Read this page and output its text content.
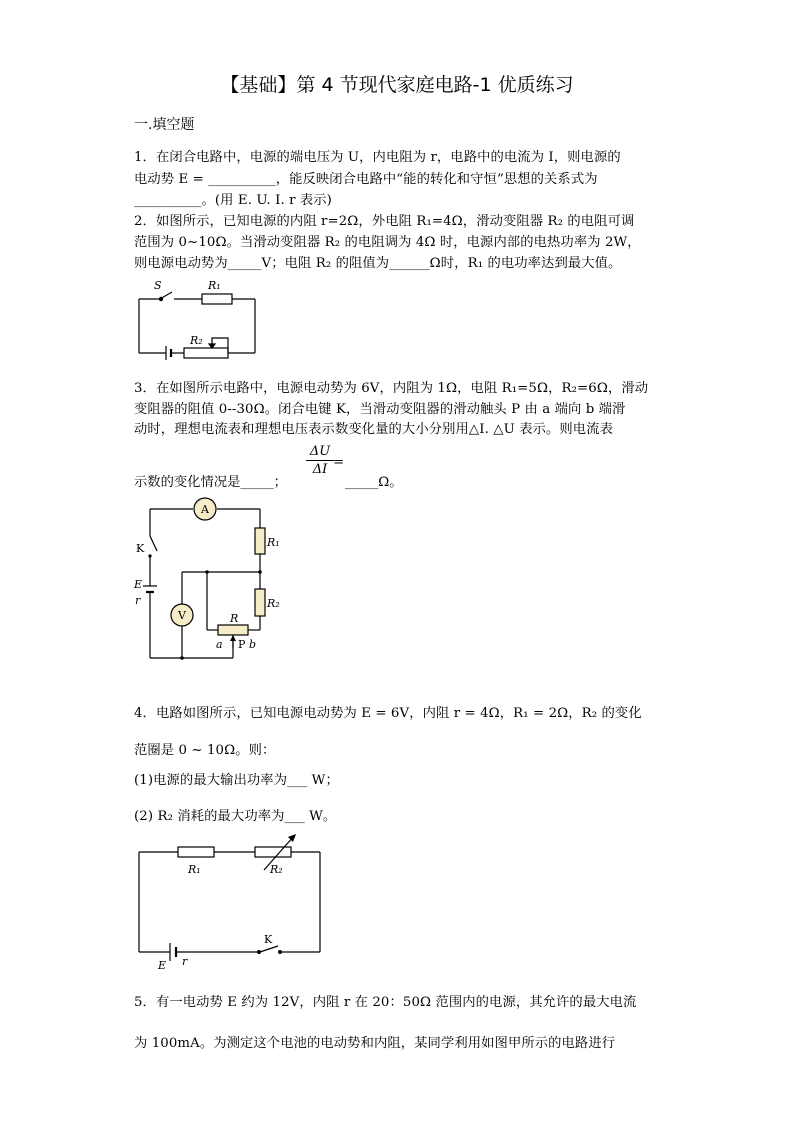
【基础】第 4 节现代家庭电路-1 优质练习
一.填空题
1．在闭合电路中，电源的端电压为 U，内电阻为 r，电路中的电流为 I，则电源的
电动势 E = __________，能反映闭合电路中“能的转化和守恒”思想的关系式为
__________。(用 E. U. I. r 表示)
2．如图所示，已知电源的内阻 r=2Ω，外电阻 R₁=4Ω，滑动变阻器 R₂ 的电阻可调
范围为 0~10Ω。当滑动变阻器 R₂ 的电阻调为 4Ω 时，电源内部的电热功率为 2W，
则电源电动势为_____V；电阻 R₂ 的阻值为______Ω时，R₁ 的电功率达到最大值。
S	R₁
R₂
3．在如图所示电路中，电源电动势为 6V，内阻为 1Ω，电阻 R₁=5Ω，R₂=6Ω，滑动
变阻器的阻值 0--30Ω。闭合电键 K，当滑动变阻器的滑动触头 P 由 a 端向 b 端滑
动时，理想电流表和理想电压表示数变化量的大小分别用△I. △U 表示。则电流表
示数的变化情况是_____；
$\frac{\Delta U}{\Delta I}$ =
_____Ω。
A
V
K
E
r
R₁
R₂
R
a P b
4．电路如图所示，已知电源电动势为 E = 6V，内阻 r = 4Ω，R₁ = 2Ω，R₂ 的变化
范圈是 0 ~ 10Ω。则：
(1)电源的最大输出功率为___ W；
(2) R₂ 消耗的最大功率为___ W。
R₁	R₂
K
E r
5．有一电动势 E 约为 12V，内阻 r 在 20：50Ω 范围内的电源，其允许的最大电流
为 100mA。为测定这个电池的电动势和内阻，某同学利用如图甲所示的电路进行
